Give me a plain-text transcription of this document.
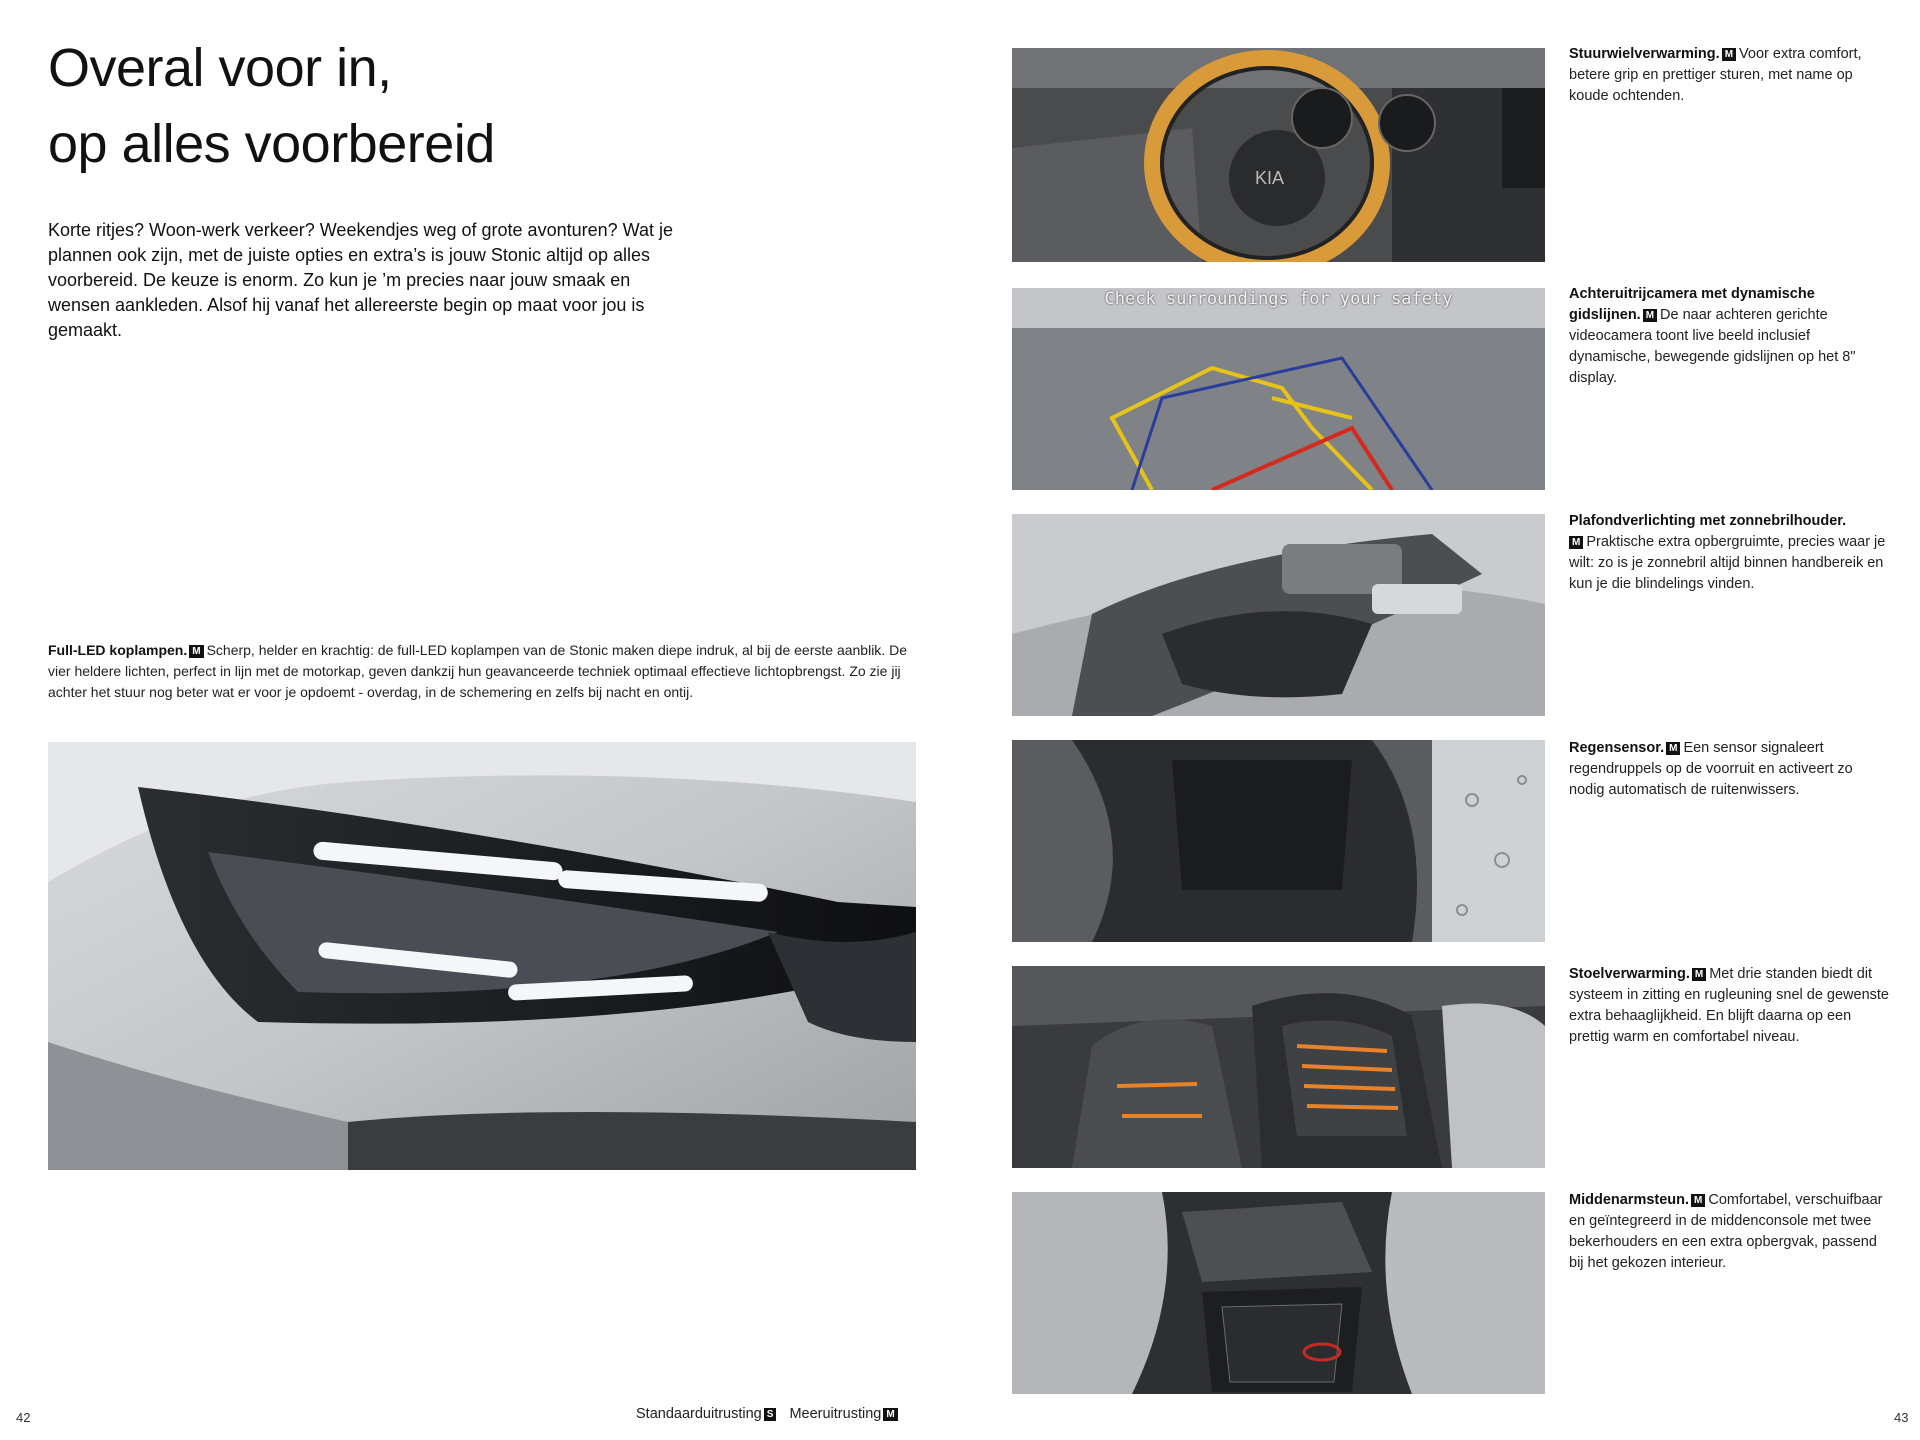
Overal voor in,
op alles voorbereid

Korte ritjes? Woon-werk verkeer? Weekendjes weg of grote avonturen? Wat je plannen ook zijn, met de juiste opties en extra’s is jouw Stonic altijd op alles voorbereid. De keuze is enorm. Zo kun je ’m precies naar jouw smaak en wensen aankleden. Alsof hij vanaf het allereerste begin op maat voor jou is gemaakt.

Full-LED koplampen. M Scherp, helder en krachtig: de full-LED koplampen van de Stonic maken diepe indruk, al bij de eerste aanblik. De vier heldere lichten, perfect in lijn met de motorkap, geven dankzij hun geavanceerde techniek optimaal effectieve lichtopbrengst. Zo zie jij achter het stuur nog beter wat er voor je opdoemt - overdag, in de schemering en zelfs bij nacht en ontij.

KIA
Check surroundings for your safety

Stuurwielverwarming. M Voor extra comfort, betere grip en prettiger sturen, met name op koude ochtenden.

Achteruitrijcamera met dynamische gidslijnen. M De naar achteren gerichte videocamera toont live beeld inclusief dynamische, bewegende gidslijnen op het 8" display.

Plafondverlichting met zonnebrilhouder.
M Praktische extra opbergruimte, precies waar je wilt: zo is je zonnebril altijd binnen handbereik en kun je die blindelings vinden.

Regensensor. M Een sensor signaleert regendruppels op de voorruit en activeert zo nodig automatisch de ruitenwissers.

Stoelverwarming. M Met drie standen biedt dit systeem in zitting en rugleuning snel de gewenste extra behaaglijkheid. En blijft daarna op een prettig warm en comfortabel niveau.

Middenarmsteun. M Comfortabel, verschuifbaar en geïntegreerd in de middenconsole met twee bekerhouders en een extra opbergvak, passend bij het gekozen interieur.

42	43
Standaarduitrusting S Meeruitrusting M
